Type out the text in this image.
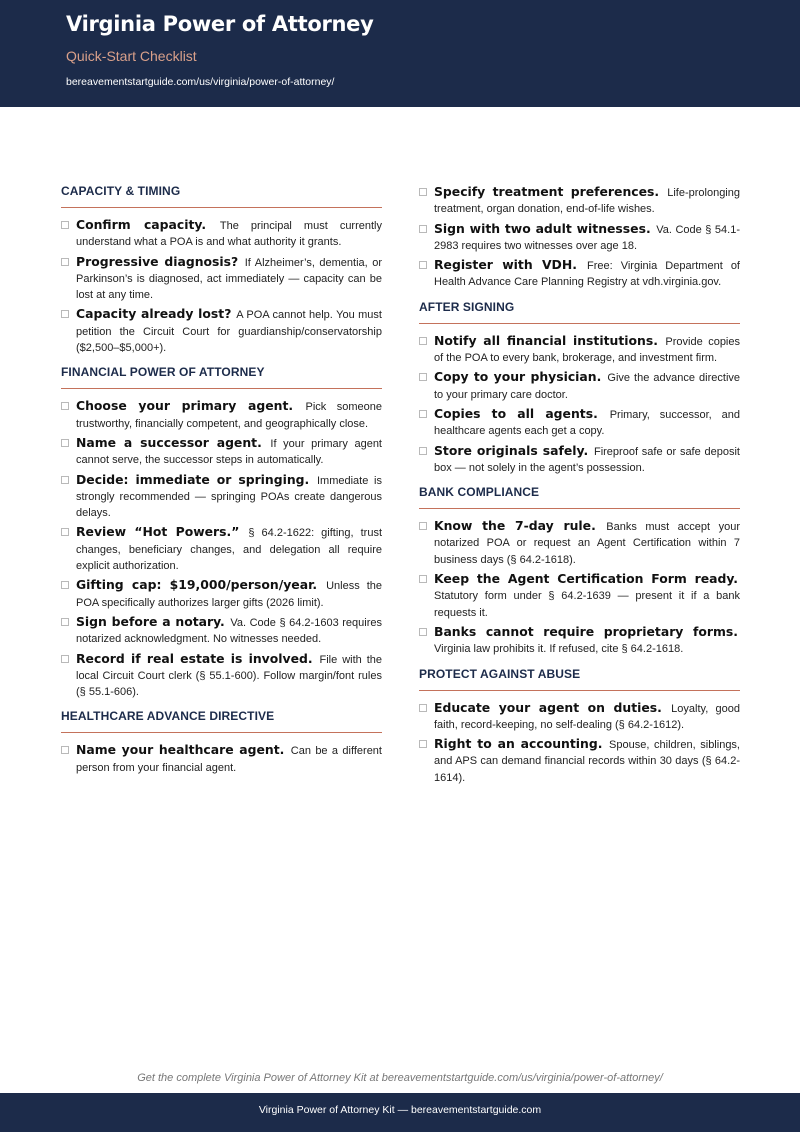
Virginia Power of Attorney
Quick-Start Checklist
bereavementstartguide.com/us/virginia/power-of-attorney/
CAPACITY & TIMING
Confirm capacity. The principal must currently understand what a POA is and what authority it grants.
Progressive diagnosis? If Alzheimer’s, dementia, or Parkinson’s is diagnosed, act immediately — capacity can be lost at any time.
Capacity already lost? A POA cannot help. You must petition the Circuit Court for guardianship/conservatorship ($2,500–$5,000+).
FINANCIAL POWER OF ATTORNEY
Choose your primary agent. Pick someone trustworthy, financially competent, and geographically close.
Name a successor agent. If your primary agent cannot serve, the successor steps in automatically.
Decide: immediate or springing. Immediate is strongly recommended — springing POAs create dangerous delays.
Review “Hot Powers.” § 64.2-1622: gifting, trust changes, beneficiary changes, and delegation all require explicit authorization.
Gifting cap: $19,000/person/year. Unless the POA specifically authorizes larger gifts (2026 limit).
Sign before a notary. Va. Code § 64.2-1603 requires notarized acknowledgment. No witnesses needed.
Record if real estate is involved. File with the local Circuit Court clerk (§ 55.1-600). Follow margin/font rules (§ 55.1-606).
HEALTHCARE ADVANCE DIRECTIVE
Name your healthcare agent. Can be a different person from your financial agent.
Specify treatment preferences. Life-prolonging treatment, organ donation, end-of-life wishes.
Sign with two adult witnesses. Va. Code § 54.1-2983 requires two witnesses over age 18.
Register with VDH. Free: Virginia Department of Health Advance Care Planning Registry at vdh.virginia.gov.
AFTER SIGNING
Notify all financial institutions. Provide copies of the POA to every bank, brokerage, and investment firm.
Copy to your physician. Give the advance directive to your primary care doctor.
Copies to all agents. Primary, successor, and healthcare agents each get a copy.
Store originals safely. Fireproof safe or safe deposit box — not solely in the agent’s possession.
BANK COMPLIANCE
Know the 7-day rule. Banks must accept your notarized POA or request an Agent Certification within 7 business days (§ 64.2-1618).
Keep the Agent Certification Form ready. Statutory form under § 64.2-1639 — present it if a bank requests it.
Banks cannot require proprietary forms. Virginia law prohibits it. If refused, cite § 64.2-1618.
PROTECT AGAINST ABUSE
Educate your agent on duties. Loyalty, good faith, record-keeping, no self-dealing (§ 64.2-1612).
Right to an accounting. Spouse, children, siblings, and APS can demand financial records within 30 days (§ 64.2-1614).
Get the complete Virginia Power of Attorney Kit at bereavementstartguide.com/us/virginia/power-of-attorney/
Virginia Power of Attorney Kit — bereavementstartguide.com
